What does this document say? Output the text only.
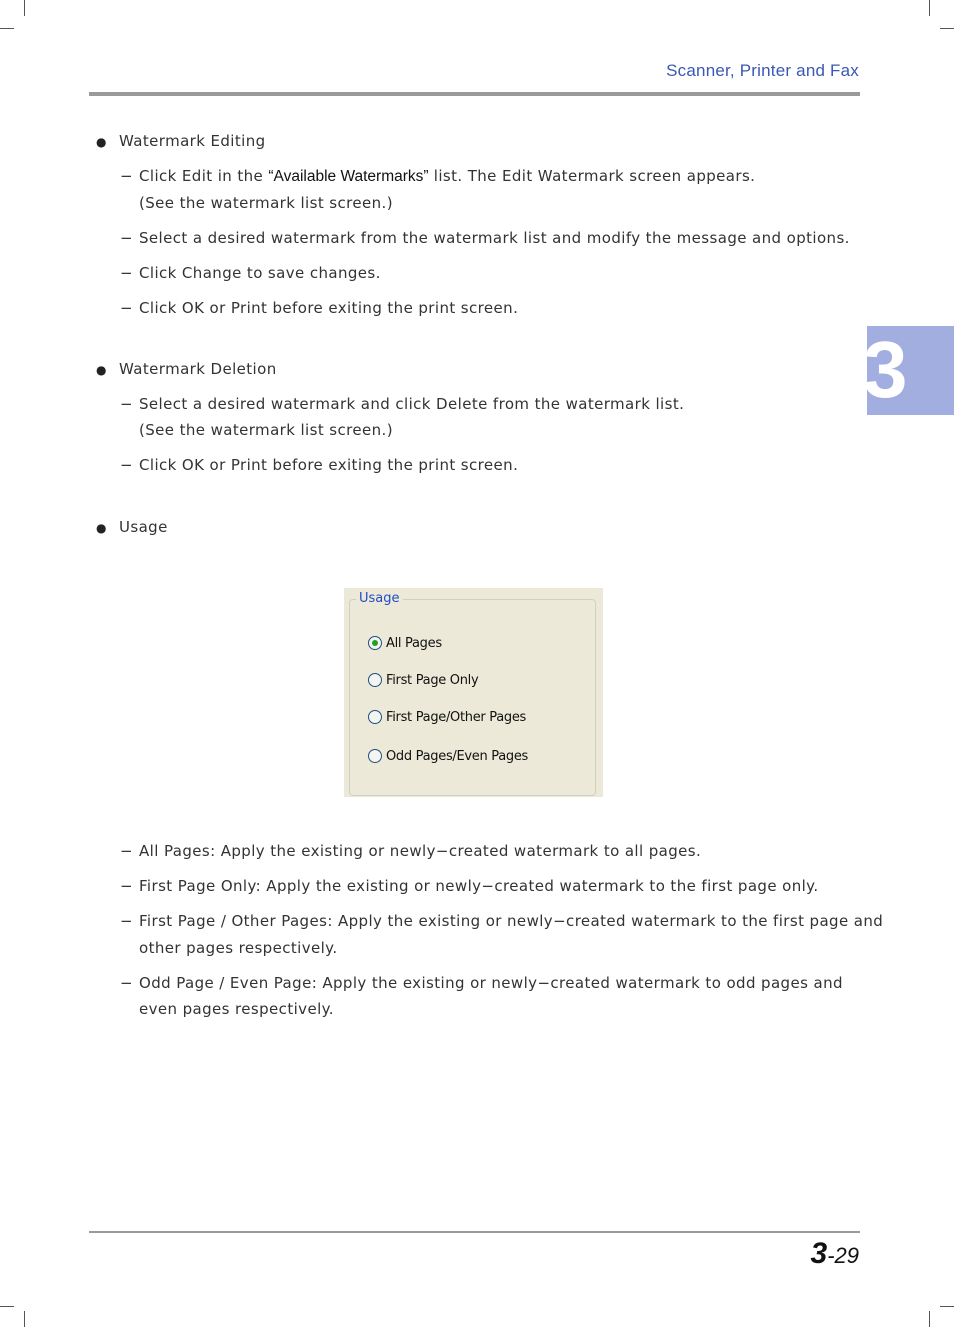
Scanner, Printer and Fax
3
● Watermark Editing
− Click Edit in the “Available Watermarks” list. The Edit Watermark screen appears.
(See the watermark list screen.)
− Select a desired watermark from the watermark list and modify the message and options.
− Click Change to save changes.
− Click OK or Print before exiting the print screen.
● Watermark Deletion
− Select a desired watermark and click Delete from the watermark list.
(See the watermark list screen.)
− Click OK or Print before exiting the print screen.
● Usage
Usage
All Pages
First Page Only
First Page/Other Pages
Odd Pages/Even Pages
− All Pages: Apply the existing or newly−created watermark to all pages.
− First Page Only: Apply the existing or newly−created watermark to the first page only.
− First Page / Other Pages: Apply the existing or newly−created watermark to the first page and
other pages respectively.
− Odd Page / Even Page: Apply the existing or newly−created watermark to odd pages and
even pages respectively.
3-29
